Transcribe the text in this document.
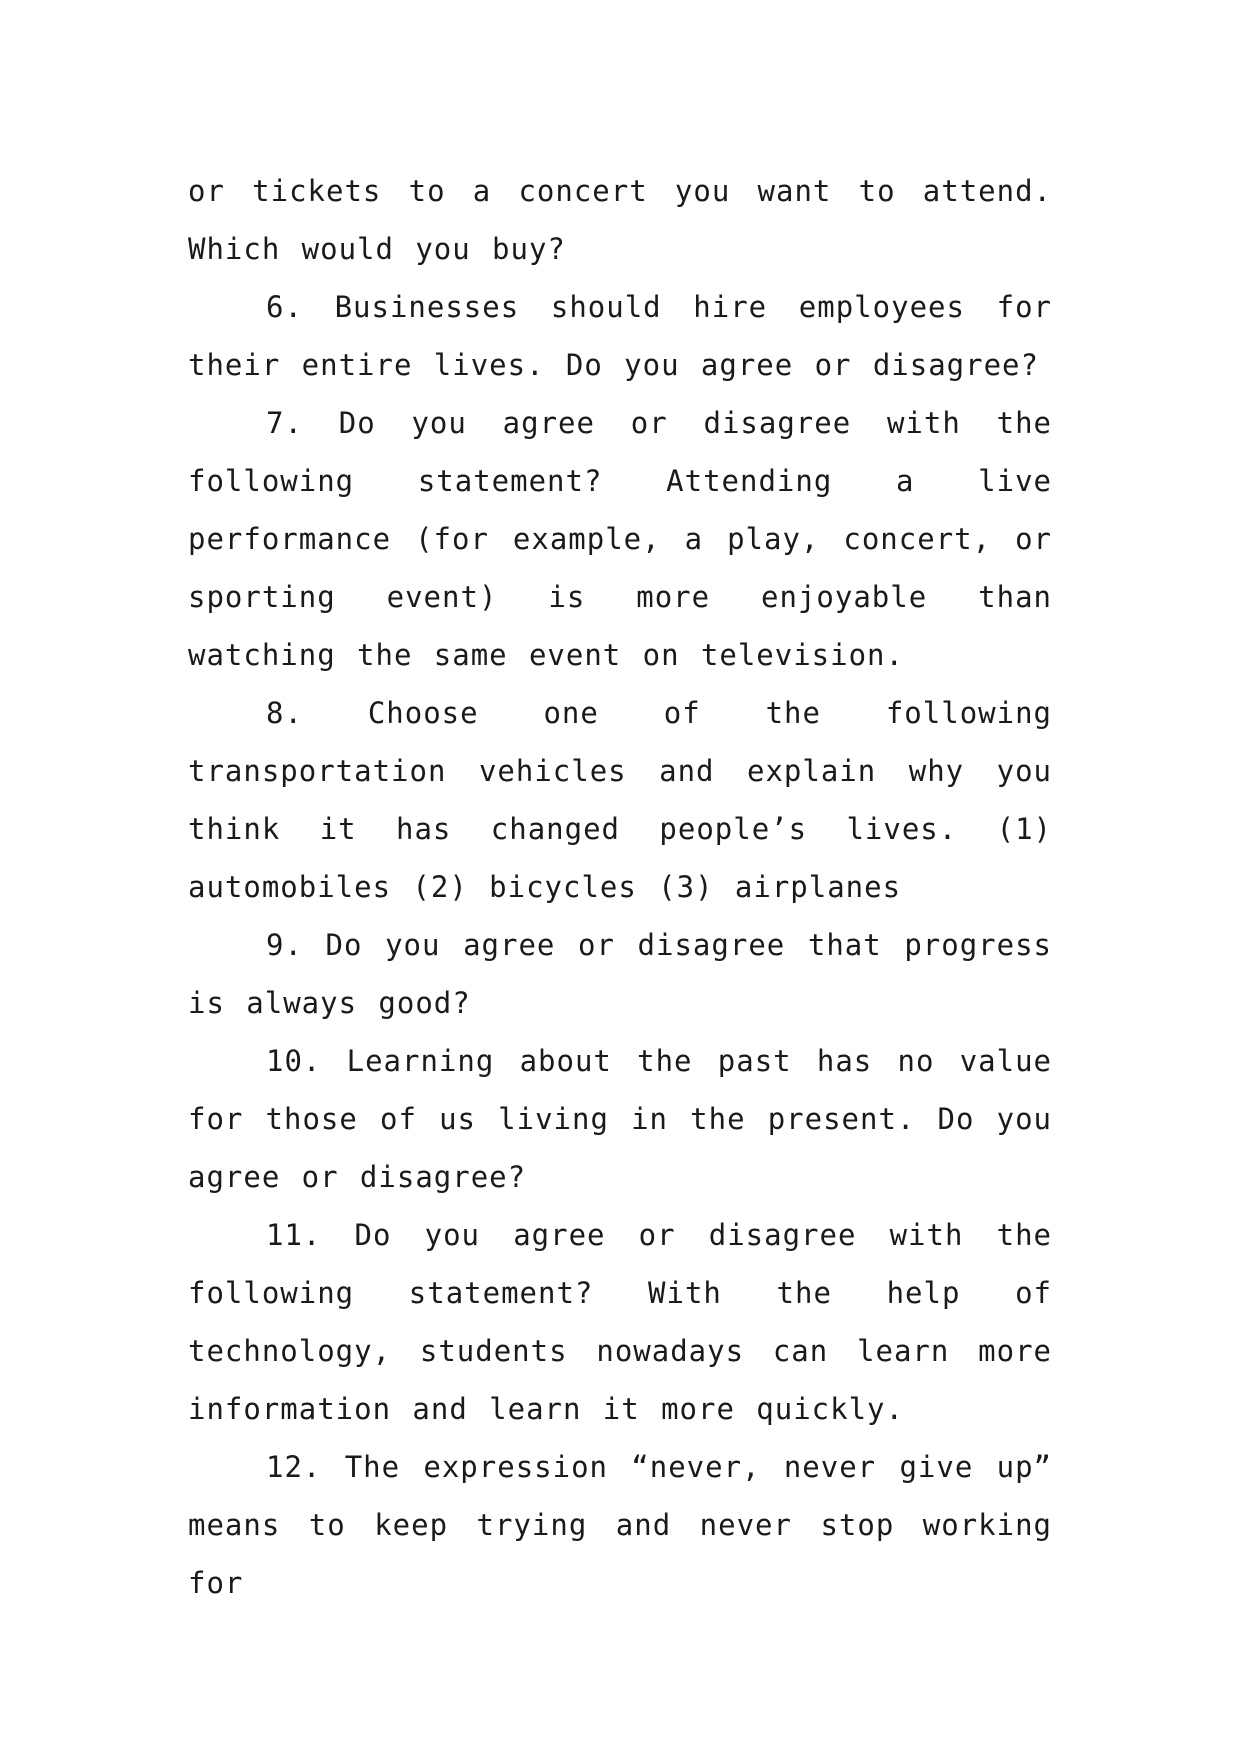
or tickets to a concert you want to attend. Which would you buy?

6. Businesses should hire employees for their entire lives. Do you agree or disagree?

7. Do you agree or disagree with the following statement? Attending a live performance (for example, a play, concert, or sporting event) is more enjoyable than watching the same event on television.

8. Choose one of the following transportation vehicles and explain why you think it has changed people’s lives. (1) automobiles (2) bicycles (3) airplanes

9. Do you agree or disagree that progress is always good?

10. Learning about the past has no value for those of us living in the present. Do you agree or disagree?

11. Do you agree or disagree with the following statement? With the help of technology, students nowadays can learn more information and learn it more quickly.

12. The expression “never, never give up” means to keep trying and never stop working for
